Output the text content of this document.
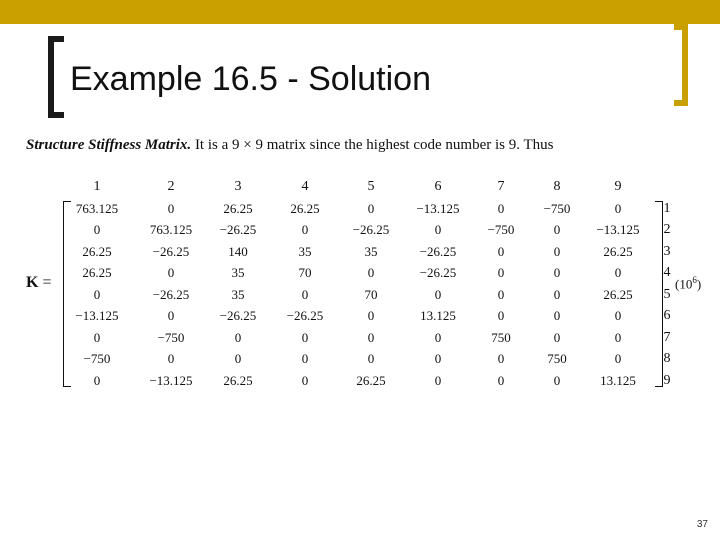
Example 16.5 - Solution
Structure Stiffness Matrix. It is a 9 × 9 matrix since the highest code number is 9. Thus
K =
1	2	3	4	5	6	7	8	9
763.125	0	26.25	26.25	0	−13.125	0	−750	0
0	763.125	−26.25	0	−26.25	0	−750	0	−13.125
26.25	−26.25	140	35	35	−26.25	0	0	26.25
26.25	0	35	70	0	−26.25	0	0	0
0	−26.25	35	0	70	0	0	0	26.25
−13.125	0	−26.25	−26.25	0	13.125	0	0	0
0	−750	0	0	0	0	750	0	0
−750	0	0	0	0	0	0	750	0
0	−13.125	26.25	0	26.25	0	0	0	13.125
1
2
3
4
5
6
7
8
9
$(10^6)$
37
